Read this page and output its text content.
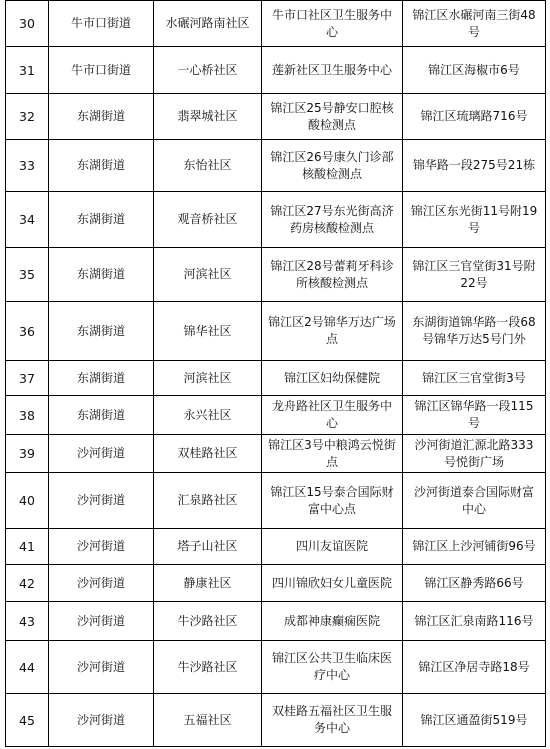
30	牛市口街道	水碾河路南社区	牛市口社区卫生服务中心	锦江区水碾河南三街48号
31	牛市口街道	一心桥社区	莲新社区卫生服务中心	锦江区海椒市6号
32	东湖街道	翡翠城社区	锦江区25号静安口腔核酸检测点	锦江区琉璃路716号
33	东湖街道	东怡社区	锦江区26号康久门诊部核酸检测点	锦华路一段275号21栋
34	东湖街道	观音桥社区	锦江区27号东光街高济药房核酸检测点	锦江区东光街11号附19号
35	东湖街道	河滨社区	锦江区28号蕾莉牙科诊所核酸检测点	锦江区三官堂街31号附22号
36	东湖街道	锦华社区	锦江区2号锦华万达广场点	东湖街道锦华路一段68号锦华万达5号门外
37	东湖街道	河滨社区	锦江区妇幼保健院	锦江区三官堂街3号
38	东湖街道	永兴社区	龙舟路社区卫生服务中心	锦江区锦华路一段115号
39	沙河街道	双桂路社区	锦江区3号中粮鸿云悦街点	沙河街道汇源北路333号悦街广场
40	沙河街道	汇泉路社区	锦江区15号泰合国际财富中心点	沙河街道泰合国际财富中心
41	沙河街道	塔子山社区	四川友谊医院	锦江区上沙河铺街96号
42	沙河街道	静康社区	四川锦欣妇女儿童医院	锦江区静秀路66号
43	沙河街道	牛沙路社区	成都神康癫痫医院	锦江区汇泉南路116号
44	沙河街道	牛沙路社区	锦江区公共卫生临床医疗中心	锦江区净居寺路18号
45	沙河街道	五福社区	双桂路五福社区卫生服务中心	锦江区通盈街519号
